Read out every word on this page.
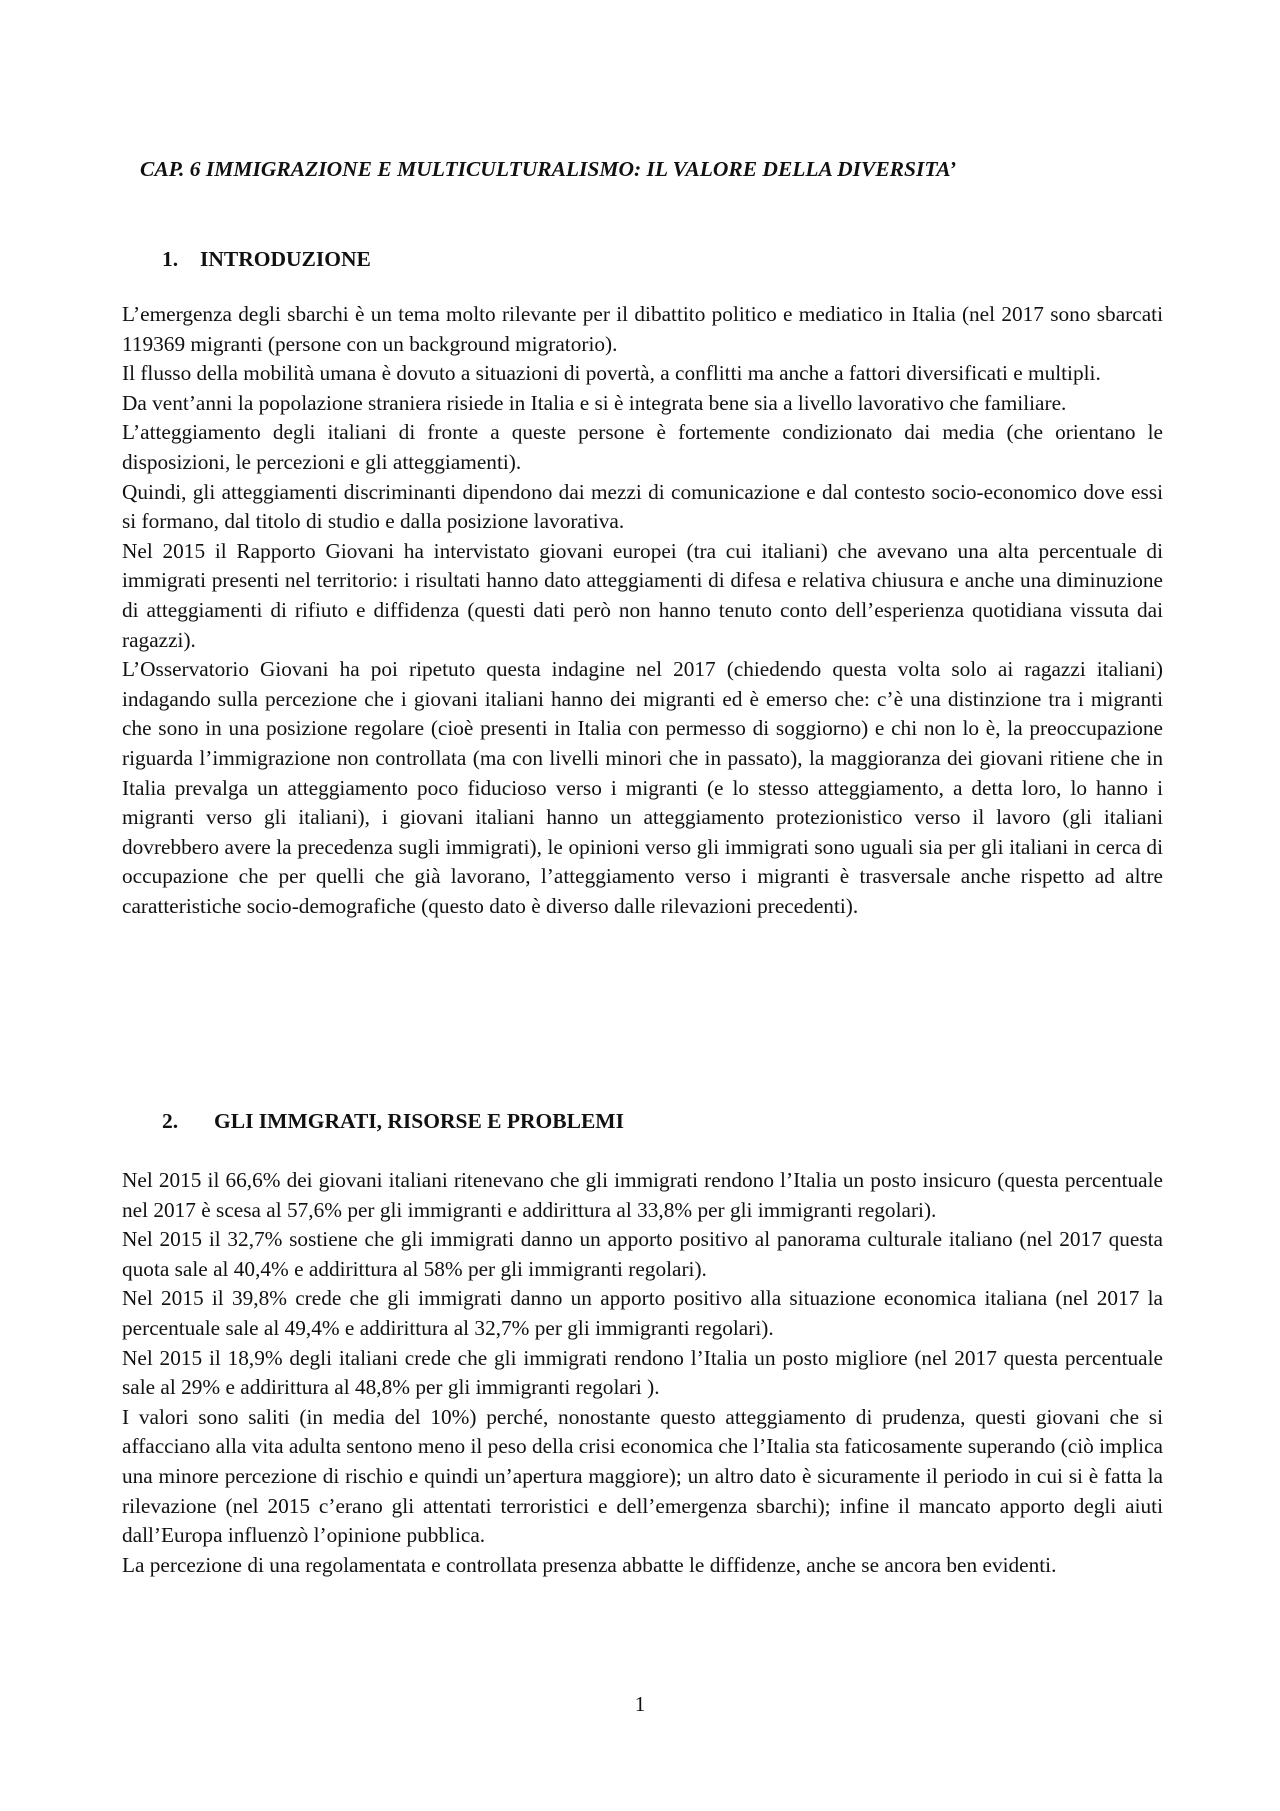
CAP. 6 IMMIGRAZIONE E MULTICULTURALISMO: IL VALORE DELLA DIVERSITA’
1. INTRODUZIONE

L’emergenza degli sbarchi è un tema molto rilevante per il dibattito politico e mediatico in Italia (nel 2017 sono sbarcati 119369 migranti (persone con un background migratorio).

Il flusso della mobilità umana è dovuto a situazioni di povertà, a conflitti ma anche a fattori diversificati e multipli.

Da vent’anni la popolazione straniera risiede in Italia e si è integrata bene sia a livello lavorativo che familiare.

L’atteggiamento degli italiani di fronte a queste persone è fortemente condizionato dai media (che orientano le disposizioni, le percezioni e gli atteggiamenti).

Quindi, gli atteggiamenti discriminanti dipendono dai mezzi di comunicazione e dal contesto socio-economico dove essi si formano, dal titolo di studio e dalla posizione lavorativa.

Nel 2015 il Rapporto Giovani ha intervistato giovani europei (tra cui italiani) che avevano una alta percentuale di immigrati presenti nel territorio: i risultati hanno dato atteggiamenti di difesa e relativa chiusura e anche una diminuzione di atteggiamenti di rifiuto e diffidenza (questi dati però non hanno tenuto conto dell’esperienza quotidiana vissuta dai ragazzi).

L’Osservatorio Giovani ha poi ripetuto questa indagine nel 2017 (chiedendo questa volta solo ai ragazzi italiani) indagando sulla percezione che i giovani italiani hanno dei migranti ed è emerso che: c’è una distinzione tra i migranti che sono in una posizione regolare (cioè presenti in Italia con permesso di soggiorno) e chi non lo è, la preoccupazione riguarda l’immigrazione non controllata (ma con livelli minori che in passato), la maggioranza dei giovani ritiene che in Italia prevalga un atteggiamento poco fiducioso verso i migranti (e lo stesso atteggiamento, a detta loro, lo hanno i migranti verso gli italiani), i giovani italiani hanno un atteggiamento protezionistico verso il lavoro (gli italiani dovrebbero avere la precedenza sugli immigrati), le opinioni verso gli immigrati sono uguali sia per gli italiani in cerca di occupazione che per quelli che già lavorano, l’atteggiamento verso i migranti è trasversale anche rispetto ad altre caratteristiche socio-demografiche (questo dato è diverso dalle rilevazioni precedenti).

2. GLI IMMGRATI, RISORSE E PROBLEMI

Nel 2015 il 66,6% dei giovani italiani ritenevano che gli immigrati rendono l’Italia un posto insicuro (questa percentuale nel 2017 è scesa al 57,6% per gli immigranti e addirittura al 33,8% per gli immigranti regolari).

Nel 2015 il 32,7% sostiene che gli immigrati danno un apporto positivo al panorama culturale italiano (nel 2017 questa quota sale al 40,4% e addirittura al 58% per gli immigranti regolari).

Nel 2015 il 39,8% crede che gli immigrati danno un apporto positivo alla situazione economica italiana (nel 2017 la percentuale sale al 49,4% e addirittura al 32,7% per gli immigranti regolari).

Nel 2015 il 18,9% degli italiani crede che gli immigrati rendono l’Italia un posto migliore (nel 2017 questa percentuale sale al 29% e addirittura al 48,8% per gli immigranti regolari ).

I valori sono saliti (in media del 10%) perché, nonostante questo atteggiamento di prudenza, questi giovani che si affacciano alla vita adulta sentono meno il peso della crisi economica che l’Italia sta faticosamente superando (ciò implica una minore percezione di rischio e quindi un’apertura maggiore); un altro dato è sicuramente il periodo in cui si è fatta la rilevazione (nel 2015 c’erano gli attentati terroristici e dell’emergenza sbarchi); infine il mancato apporto degli aiuti dall’Europa influenzò l’opinione pubblica.

La percezione di una regolamentata e controllata presenza abbatte le diffidenze, anche se ancora ben evidenti.

1
